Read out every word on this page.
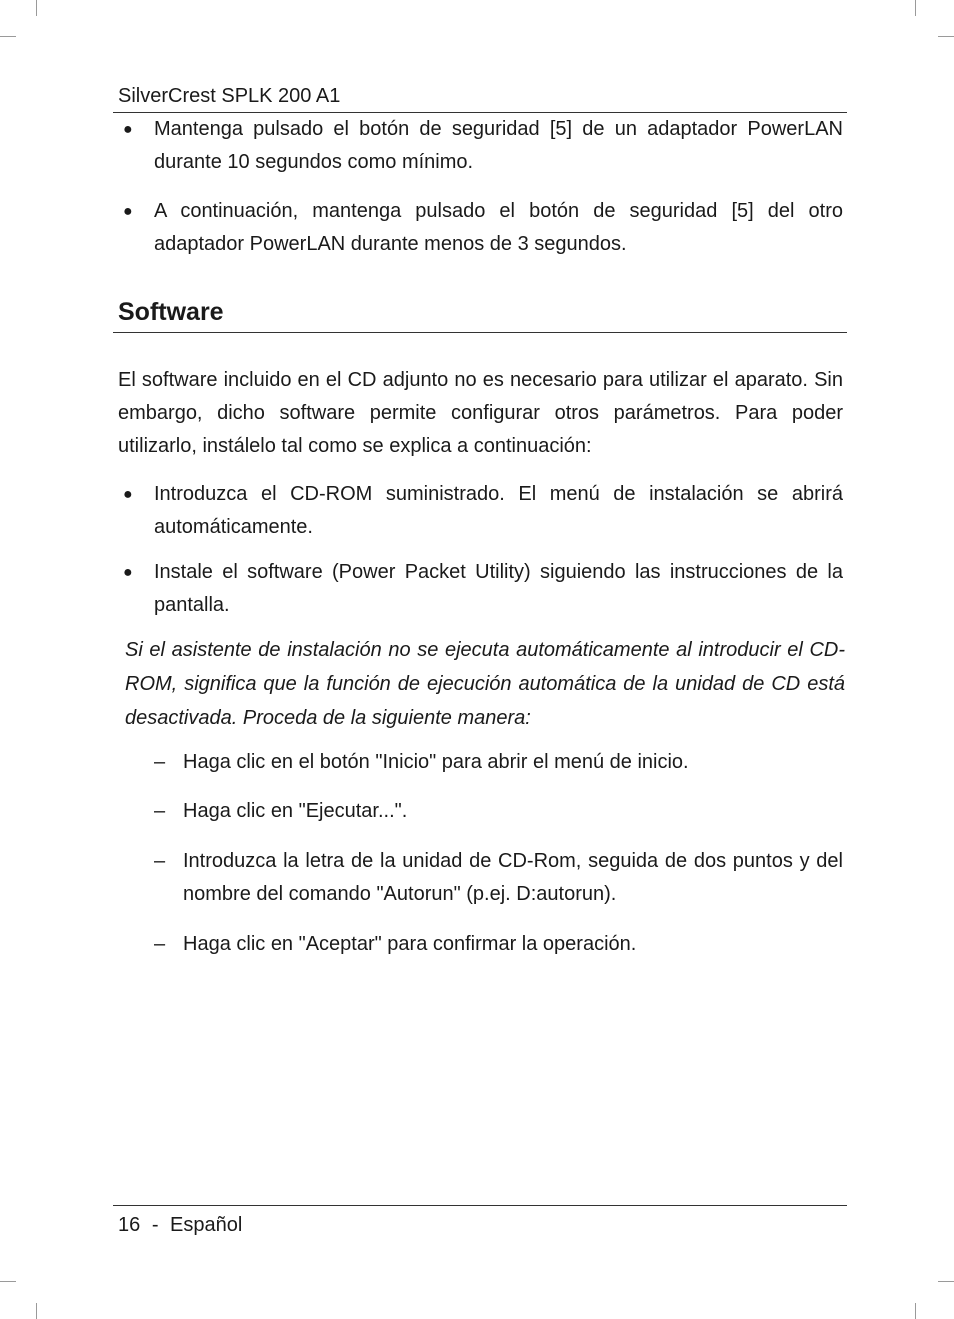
SilverCrest SPLK 200 A1
● Mantenga pulsado el botón de seguridad [5] de un adaptador PowerLAN durante 10 segundos como mínimo.
● A continuación, mantenga pulsado el botón de seguridad [5] del otro adaptador PowerLAN durante menos de 3 segundos.
Software
El software incluido en el CD adjunto no es necesario para utilizar el aparato. Sin embargo, dicho software permite configurar otros parámetros. Para poder utilizarlo, instálelo tal como se explica a continuación:
● Introduzca el CD-ROM suministrado. El menú de instalación se abrirá automáticamente.
● Instale el software (Power Packet Utility) siguiendo las instrucciones de la pantalla.
Si el asistente de instalación no se ejecuta automáticamente al introducir el CD-ROM, significa que la función de ejecución automática de la unidad de CD está desactivada. Proceda de la siguiente manera:
– Haga clic en el botón "Inicio" para abrir el menú de inicio.
– Haga clic en "Ejecutar...".
– Introduzca la letra de la unidad de CD-Rom, seguida de dos puntos y del nombre del comando "Autorun" (p.ej. D:autorun).
– Haga clic en "Aceptar" para confirmar la operación.
16 - Español
